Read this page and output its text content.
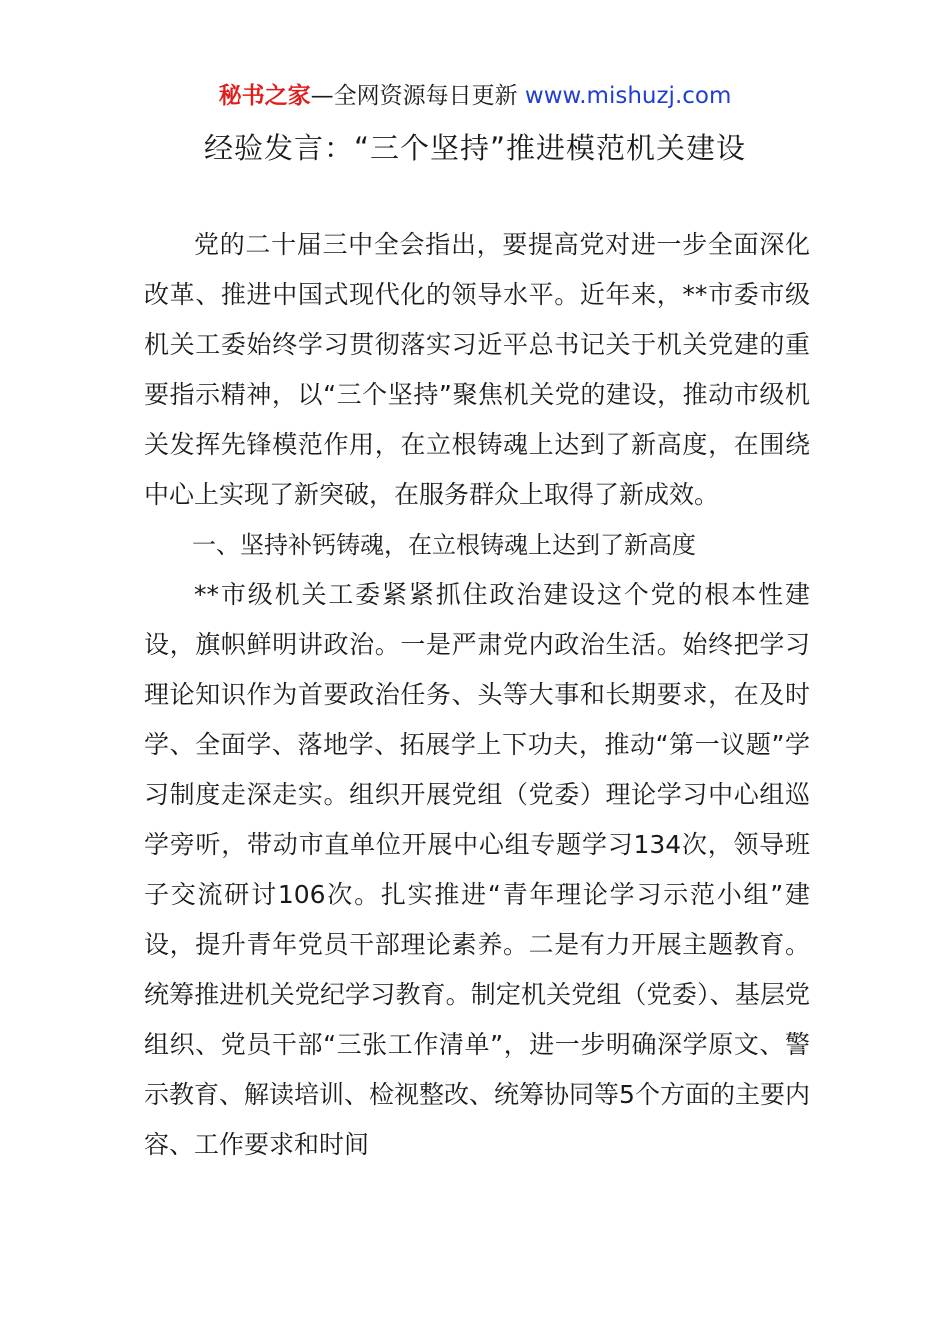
秘书之家—全网资源每日更新 www.mishuzj.com
经验发言：“三个坚持”推进模范机关建设

党的二十届三中全会指出，要提高党对进一步全面深化改革、推进中国式现代化的领导水平。近年来，**市委市级机关工委始终学习贯彻落实习近平总书记关于机关党建的重要指示精神，以“三个坚持”聚焦机关党的建设，推动市级机关发挥先锋模范作用，在立根铸魂上达到了新高度，在围绕中心上实现了新突破，在服务群众上取得了新成效。

一、坚持补钙铸魂，在立根铸魂上达到了新高度

**市级机关工委紧紧抓住政治建设这个党的根本性建设，旗帜鲜明讲政治。一是严肃党内政治生活。始终把学习理论知识作为首要政治任务、头等大事和长期要求，在及时学、全面学、落地学、拓展学上下功夫，推动“第一议题”学习制度走深走实。组织开展党组（党委）理论学习中心组巡学旁听，带动市直单位开展中心组专题学习134次，领导班子交流研讨106次。扎实推进“青年理论学习示范小组”建设，提升青年党员干部理论素养。二是有力开展主题教育。统筹推进机关党纪学习教育。制定机关党组（党委）、基层党组织、党员干部“三张工作清单”，进一步明确深学原文、警示教育、解读培训、检视整改、统筹协同等5个方面的主要内容、工作要求和时间
